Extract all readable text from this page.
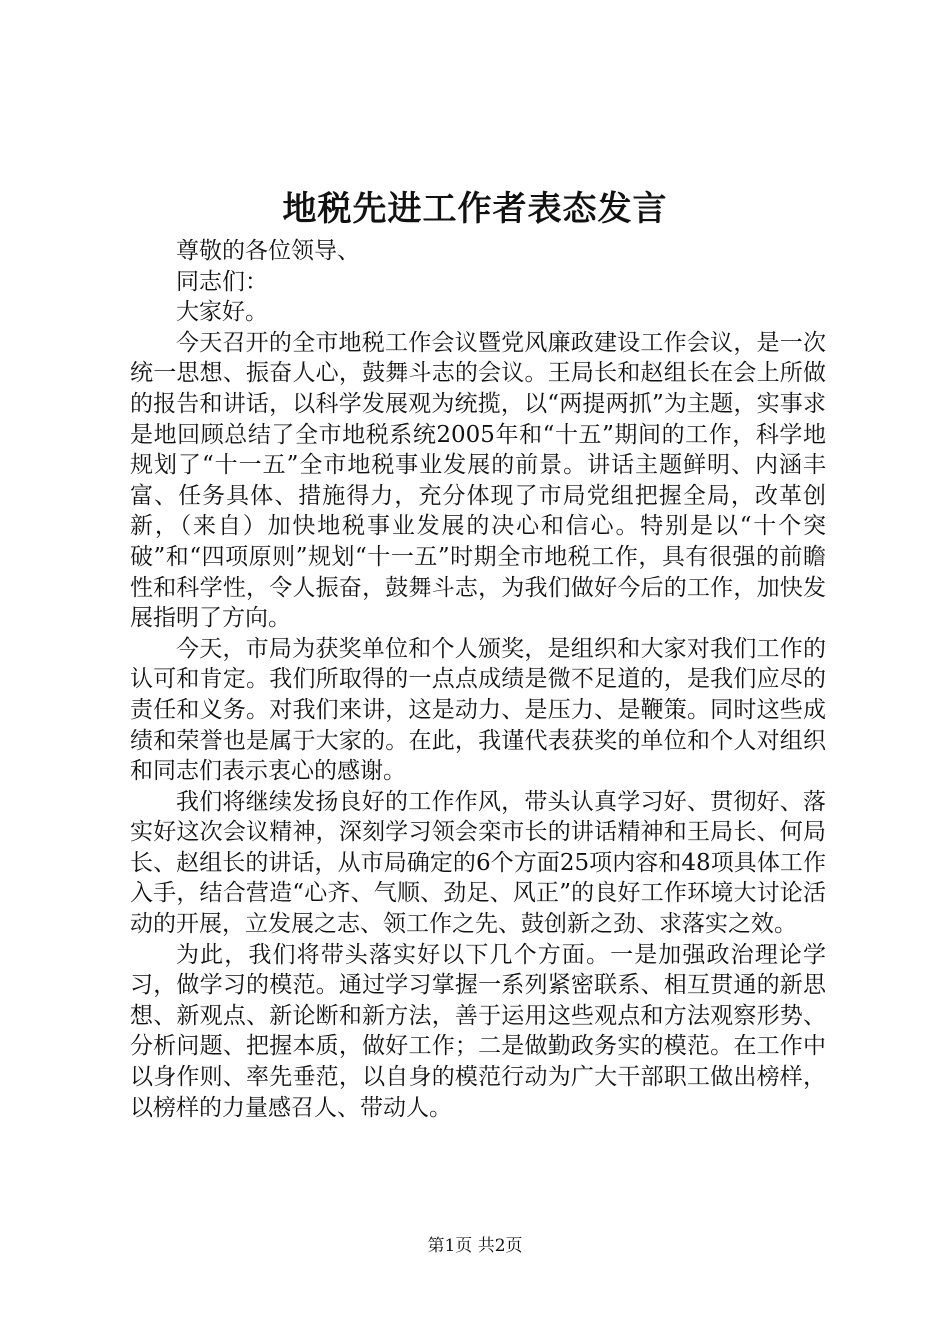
地税先进工作者表态发言

尊敬的各位领导、

同志们：

大家好。

今天召开的全市地税工作会议暨党风廉政建设工作会议，是一次统一思想、振奋人心，鼓舞斗志的会议。王局长和赵组长在会上所做的报告和讲话，以科学发展观为统揽，以“两提两抓”为主题，实事求是地回顾总结了全市地税系统2005年和“十五”期间的工作，科学地规划了“十一五”全市地税事业发展的前景。讲话主题鲜明、内涵丰富、任务具体、措施得力，充分体现了市局党组把握全局，改革创新，（来自）加快地税事业发展的决心和信心。特别是以“十个突破”和“四项原则”规划“十一五”时期全市地税工作，具有很强的前瞻性和科学性，令人振奋，鼓舞斗志，为我们做好今后的工作，加快发展指明了方向。

今天，市局为获奖单位和个人颁奖，是组织和大家对我们工作的认可和肯定。我们所取得的一点点成绩是微不足道的，是我们应尽的责任和义务。对我们来讲，这是动力、是压力、是鞭策。同时这些成绩和荣誉也是属于大家的。在此，我谨代表获奖的单位和个人对组织和同志们表示衷心的感谢。

我们将继续发扬良好的工作作风，带头认真学习好、贯彻好、落实好这次会议精神，深刻学习领会栾市长的讲话精神和王局长、何局长、赵组长的讲话，从市局确定的6个方面25项内容和48项具体工作入手，结合营造“心齐、气顺、劲足、风正”的良好工作环境大讨论活动的开展，立发展之志、领工作之先、鼓创新之劲、求落实之效。

为此，我们将带头落实好以下几个方面。一是加强政治理论学习，做学习的模范。通过学习掌握一系列紧密联系、相互贯通的新思想、新观点、新论断和新方法，善于运用这些观点和方法观察形势、分析问题、把握本质，做好工作；二是做勤政务实的模范。在工作中以身作则、率先垂范，以自身的模范行动为广大干部职工做出榜样，以榜样的力量感召人、带动人。

第1页 共2页
